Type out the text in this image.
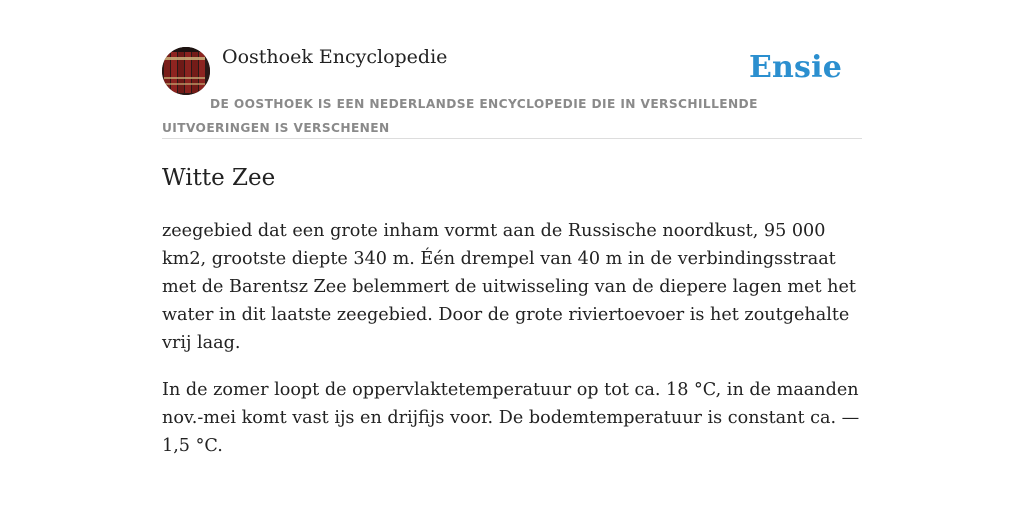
Oosthoek Encyclopedie	Ensie
DE OOSTHOEK IS EEN NEDERLANDSE ENCYCLOPEDIE DIE IN VERSCHILLENDE UITVOERINGEN IS VERSCHENEN
Witte Zee

zeegebied dat een grote inham vormt aan de Russische noordkust, 95 000 km2, grootste diepte 340 m. Één drempel van 40 m in de verbindingsstraat met de Barentsz Zee belemmert de uitwisseling van de diepere lagen met het water in dit laatste zeegebied. Door de grote riviertoevoer is het zoutgehalte vrij laag.

In de zomer loopt de oppervlaktetemperatuur op tot ca. 18 °C, in de maanden nov.-mei komt vast ijs en drijfijs voor. De bodemtemperatuur is constant ca. —1,5 °C.
